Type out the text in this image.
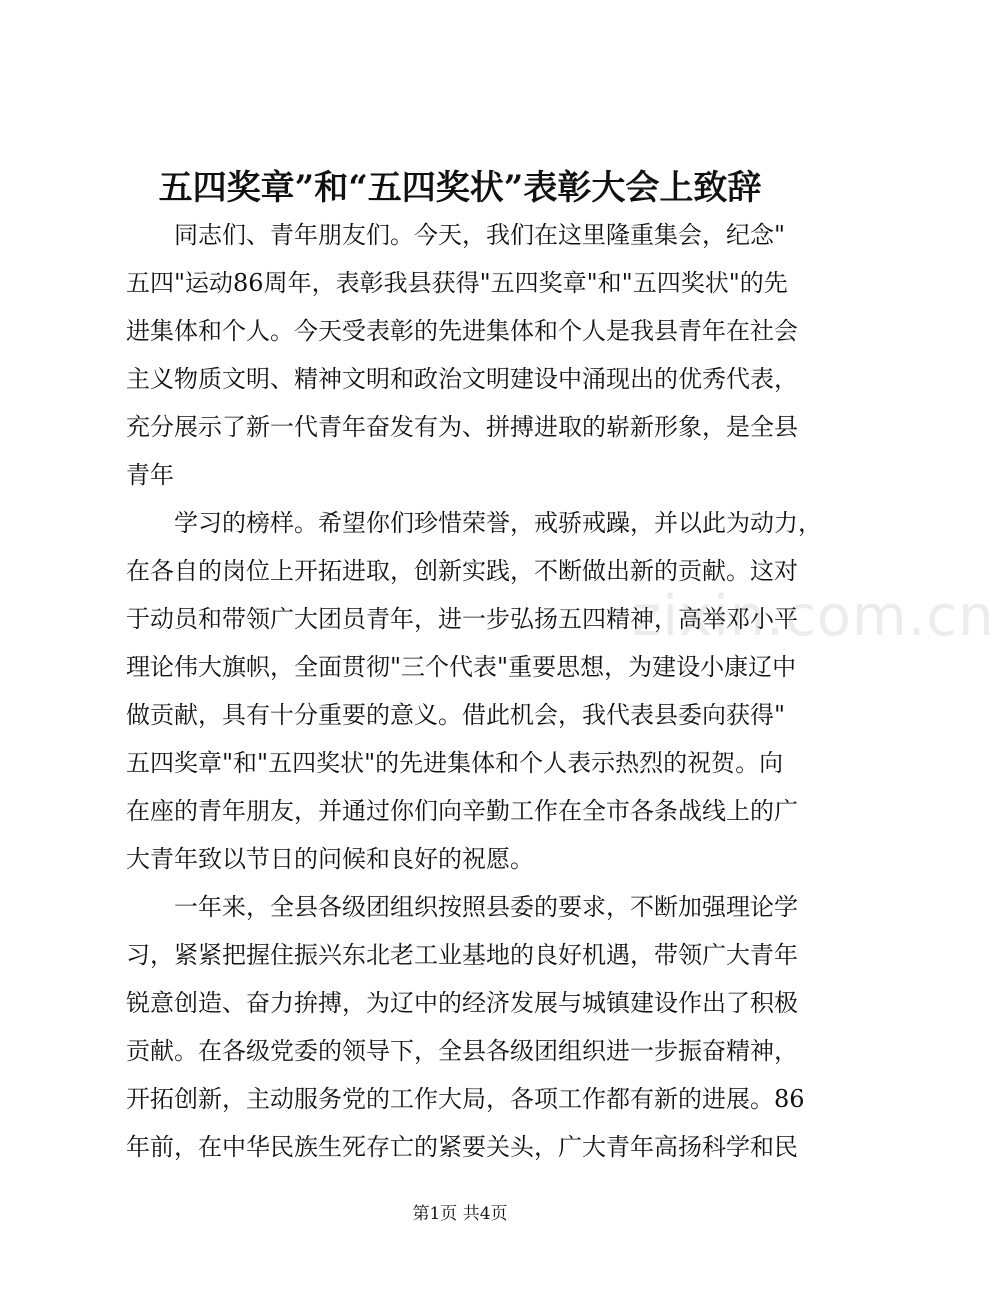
五四奖章”和“五四奖状”表彰大会上致辞
同志们、青年朋友们。今天，我们在这里隆重集会，纪念"
五四"运动86周年，表彰我县获得"五四奖章"和"五四奖状"的先
进集体和个人。今天受表彰的先进集体和个人是我县青年在社会
主义物质文明、精神文明和政治文明建设中涌现出的优秀代表，
充分展示了新一代青年奋发有为、拼搏进取的崭新形象，是全县
青年
学习的榜样。希望你们珍惜荣誉，戒骄戒躁，并以此为动力，
在各自的岗位上开拓进取，创新实践，不断做出新的贡献。这对
于动员和带领广大团员青年，进一步弘扬五四精神，高举邓小平
理论伟大旗帜，全面贯彻"三个代表"重要思想，为建设小康辽中
做贡献，具有十分重要的意义。借此机会，我代表县委向获得"
五四奖章"和"五四奖状"的先进集体和个人表示热烈的祝贺。向
在座的青年朋友，并通过你们向辛勤工作在全市各条战线上的广
大青年致以节日的问候和良好的祝愿。
一年来，全县各级团组织按照县委的要求，不断加强理论学
习，紧紧把握住振兴东北老工业基地的良好机遇，带领广大青年
锐意创造、奋力拚搏，为辽中的经济发展与城镇建设作出了积极
贡献。在各级党委的领导下，全县各级团组织进一步振奋精神，
开拓创新，主动服务党的工作大局，各项工作都有新的进展。86
年前，在中华民族生死存亡的紧要关头，广大青年高扬科学和民
zixin.com.cn
第1页 共4页
